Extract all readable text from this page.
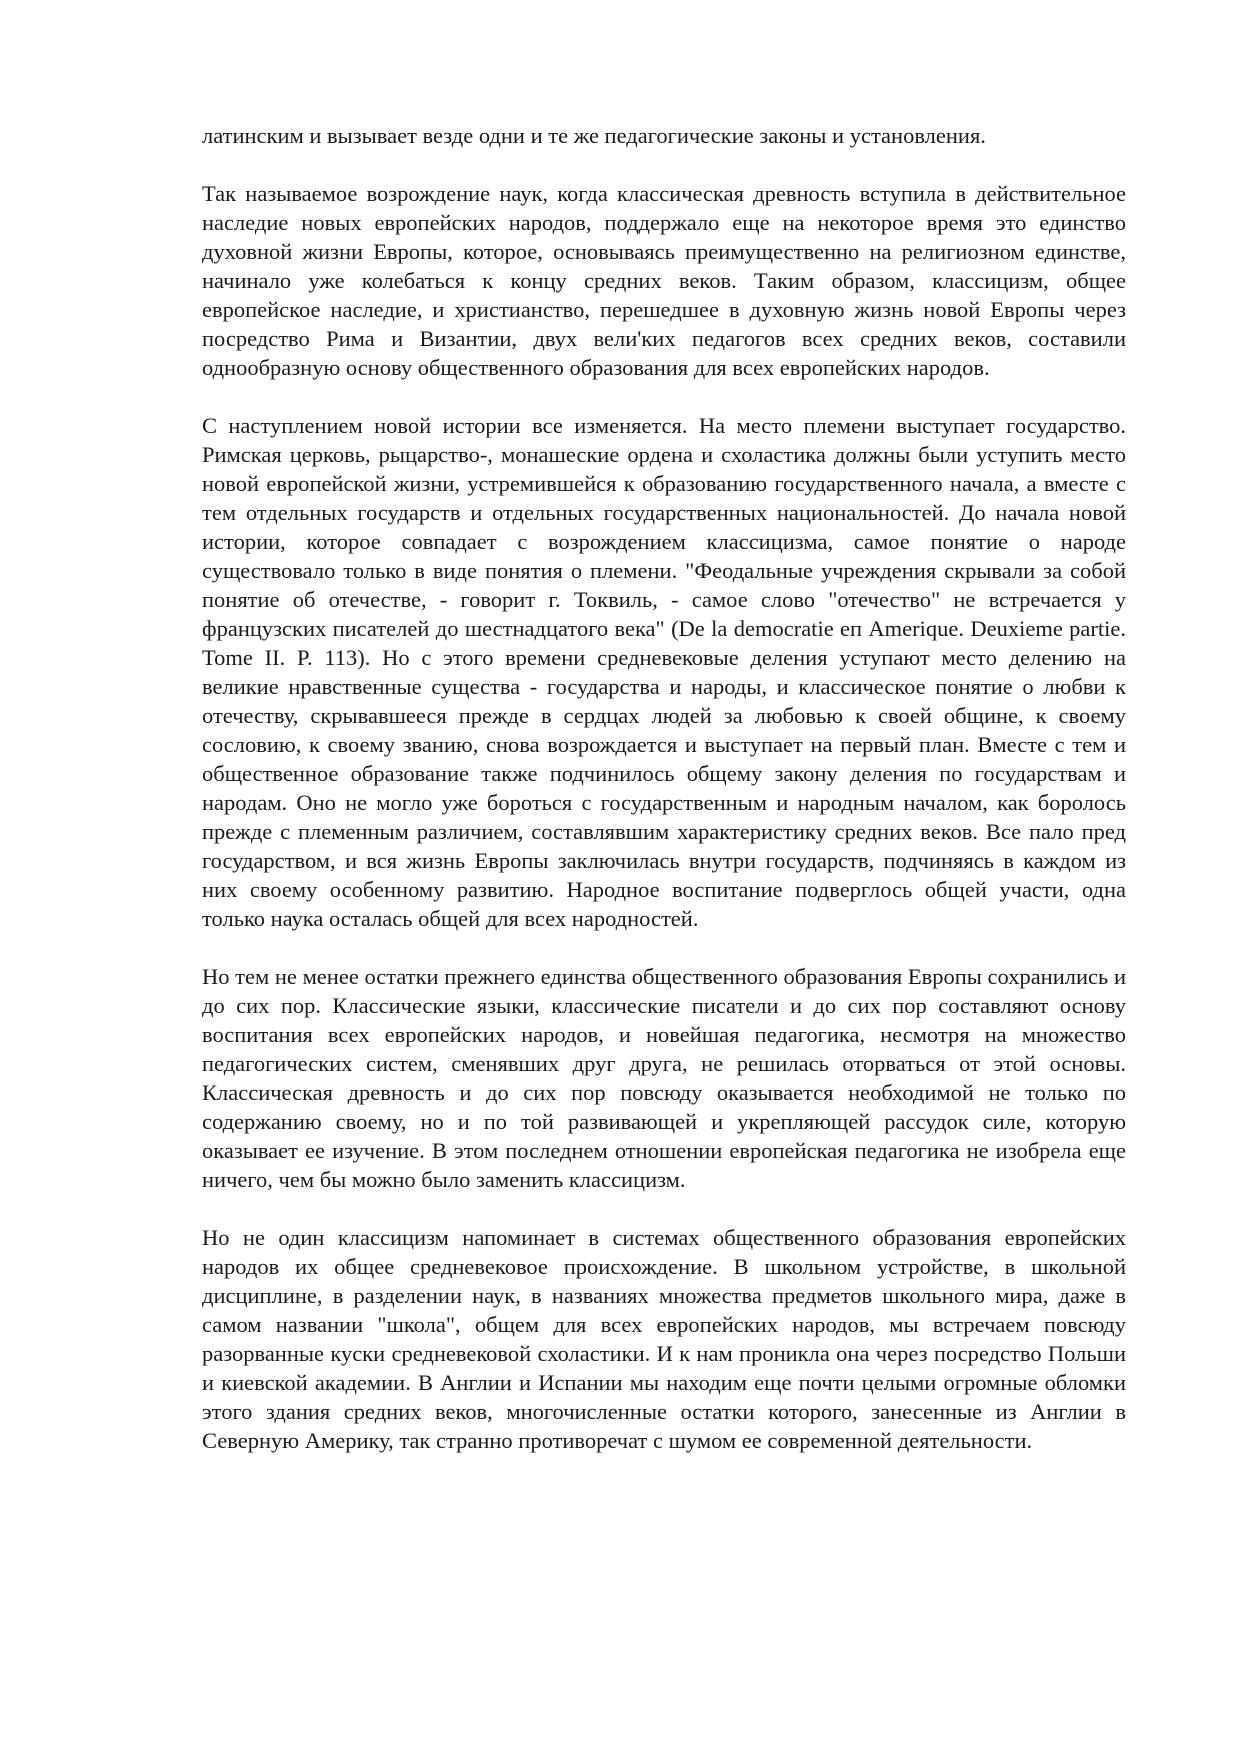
латинским и вызывает везде одни и те же педагогические законы и установления.

Так называемое возрождение наук, когда классическая древность вступила в действительное наследие новых европейских народов, поддержало еще на некоторое время это единство духовной жизни Европы, которое, основываясь преимущественно на религиозном единстве, начинало уже колебаться к концу средних веков. Таким образом, классицизм, общее европейское наследие, и христианство, перешедшее в духовную жизнь новой Европы через посредство Рима и Византии, двух вели'ких педагогов всех средних веков, составили однообразную основу общественного образования для всех европейских народов.

С наступлением новой истории все изменяется. На место племени выступает государство. Римская церковь, рыцарство-, монашеские ордена и схоластика должны были уступить место новой европейской жизни, устремившейся к образованию государственного начала, а вместе с тем отдельных государств и отдельных государственных национальностей. До начала новой истории, которое совпадает с возрождением классицизма, самое понятие о народе существовало только в виде понятия о племени. "Феодальные учреждения скрывали за собой понятие об отечестве, - говорит г. Токвиль, - самое слово "отечество" не встречается у французских писателей до шестнадцатого века" (De la democratie еп Amerique. Deuxieme partie. Tome II. P. 113). Но с этого времени средневековые деления уступают место делению на великие нравственные существа - государства и народы, и классическое понятие о любви к отечеству, скрывавшееся прежде в сердцах людей за любовью к своей общине, к своему сословию, к своему званию, снова возрождается и выступает на первый план. Вместе с тем и общественное образование также подчинилось общему закону деления по государствам и народам. Оно не могло уже бороться с государственным и народным началом, как боролось прежде с племенным различием, составлявшим характеристику средних веков. Все пало пред государством, и вся жизнь Европы заключилась внутри государств, подчиняясь в каждом из них своему особенному развитию. Народное воспитание подверглось общей участи, одна только наука осталась общей для всех народностей.

Но тем не менее остатки прежнего единства общественного образования Европы сохранились и до сих пор. Классические языки, классические писатели и до сих пор составляют основу воспитания всех европейских народов, и новейшая педагогика, несмотря на множество педагогических систем, сменявших друг друга, не решилась оторваться от этой основы. Классическая древность и до сих пор повсюду оказывается необходимой не только по содержанию своему, но и по той развивающей и укрепляющей рассудок силе, которую оказывает ее изучение. В этом последнем отношении европейская педагогика не изобрела еще ничего, чем бы можно было заменить классицизм.

Но не один классицизм напоминает в системах общественного образования европейских народов их общее средневековое происхождение. В школьном устройстве, в школьной дисциплине, в разделении наук, в названиях множества предметов школьного мира, даже в самом названии "школа", общем для всех европейских народов, мы встречаем повсюду разорванные куски средневековой схоластики. И к нам проникла она через посредство Польши и киевской академии. В Англии и Испании мы находим еще почти целыми огромные обломки этого здания средних веков, многочисленные остатки которого, занесенные из Англии в Северную Америку, так странно противоречат с шумом ее современной деятельности.
